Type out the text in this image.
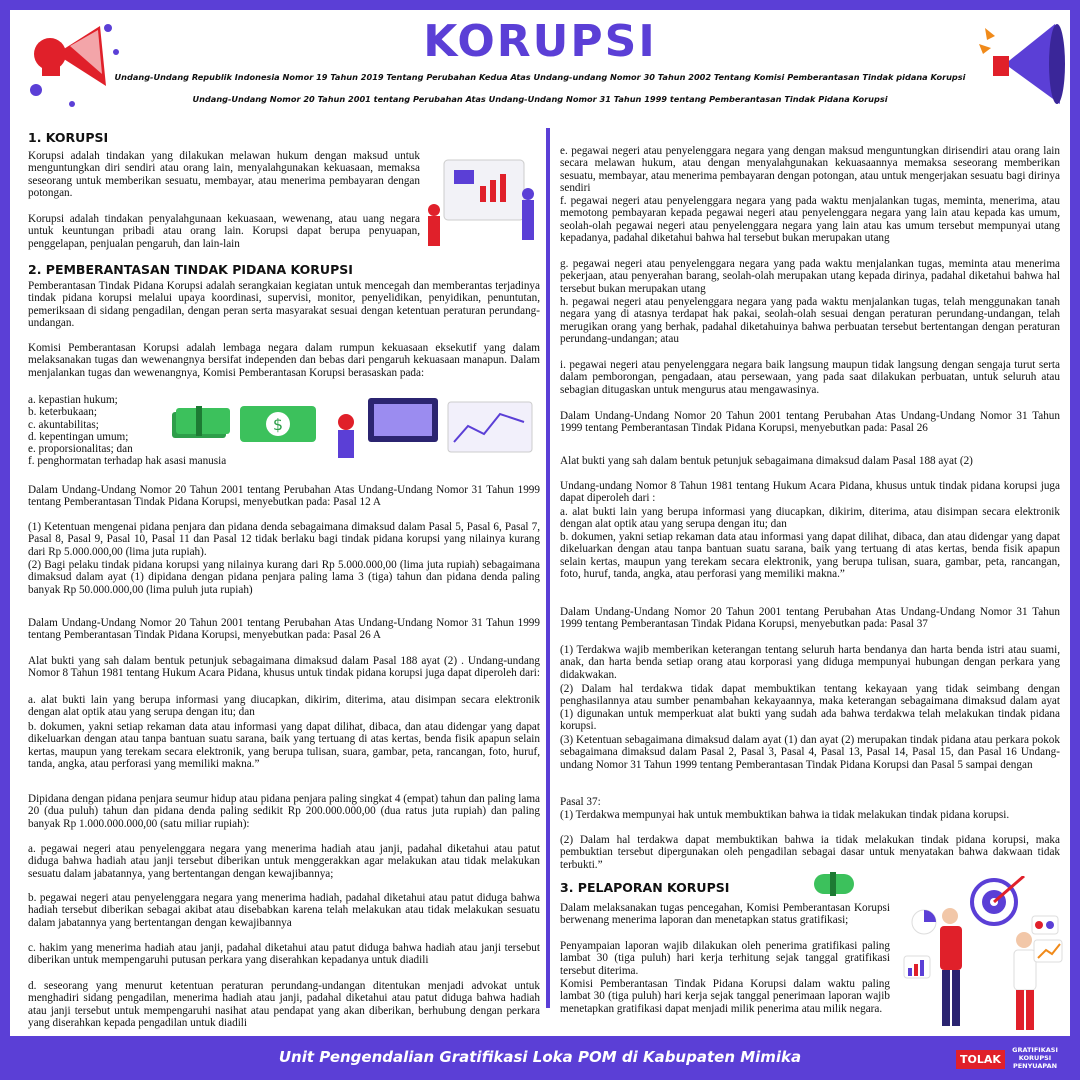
KORUPSI
Undang-Undang Republik Indonesia Nomor 19 Tahun 2019 Tentang Perubahan Kedua Atas Undang-undang Nomor 30 Tahun 2002 Tentang Komisi Pemberantasan Tindak pidana Korupsi
Undang-Undang Nomor 20 Tahun 2001 tentang Perubahan Atas Undang-Undang Nomor 31 Tahun 1999 tentang Pemberantasan Tindak Pidana Korupsi
1. KORUPSI
Korupsi adalah tindakan yang dilakukan melawan hukum dengan maksud untuk menguntungkan diri sendiri atau orang lain, menyalahgunakan kekuasaan, memaksa seseorang untuk memberikan sesuatu, membayar, atau menerima pembayaran dengan potongan.
Korupsi adalah tindakan penyalahgunaan kekuasaan, wewenang, atau uang negara untuk keuntungan pribadi atau orang lain. Korupsi dapat berupa penyuapan, penggelapan, penjualan pengaruh, dan lain-lain
2. PEMBERANTASAN TINDAK PIDANA KORUPSI
Pemberantasan Tindak Pidana Korupsi adalah serangkaian kegiatan untuk mencegah dan memberantas terjadinya tindak pidana korupsi melalui upaya koordinasi, supervisi, monitor, penyelidikan, penyidikan, penuntutan, pemeriksaan di sidang pengadilan, dengan peran serta masyarakat sesuai dengan ketentuan peraturan perundang-undangan.
Komisi Pemberantasan Korupsi adalah lembaga negara dalam rumpun kekuasaan eksekutif yang dalam melaksanakan tugas dan wewenangnya bersifat independen dan bebas dari pengaruh kekuasaan manapun. Dalam menjalankan tugas dan wewenangnya, Komisi Pemberantasan Korupsi berasaskan pada:
a. kepastian hukum;
b. keterbukaan;
c. akuntabilitas;
d. kepentingan umum;
e. proporsionalitas; dan
f. penghormatan terhadap hak asasi manusia
$
Dalam Undang-Undang Nomor 20 Tahun 2001 tentang Perubahan Atas Undang-Undang Nomor 31 Tahun 1999 tentang Pemberantasan Tindak Pidana Korupsi, menyebutkan pada: Pasal 12 A
(1) Ketentuan mengenai pidana penjara dan pidana denda sebagaimana dimaksud dalam Pasal 5, Pasal 6, Pasal 7, Pasal 8, Pasal 9, Pasal 10, Pasal 11 dan Pasal 12 tidak berlaku bagi tindak pidana korupsi yang nilainya kurang dari Rp 5.000.000,00 (lima juta rupiah).
(2) Bagi pelaku tindak pidana korupsi yang nilainya kurang dari Rp 5.000.000,00 (lima juta rupiah) sebagaimana dimaksud dalam ayat (1) dipidana dengan pidana penjara paling lama 3 (tiga) tahun dan pidana denda paling banyak Rp 50.000.000,00 (lima puluh juta rupiah)
Dalam Undang-Undang Nomor 20 Tahun 2001 tentang Perubahan Atas Undang-Undang Nomor 31 Tahun 1999 tentang Pemberantasan Tindak Pidana Korupsi, menyebutkan pada: Pasal 26 A
Alat bukti yang sah dalam bentuk petunjuk sebagaimana dimaksud dalam Pasal 188 ayat (2) . Undang-undang Nomor 8 Tahun 1981 tentang Hukum Acara Pidana, khusus untuk tindak pidana korupsi juga dapat diperoleh dari:
a. alat bukti lain yang berupa informasi yang diucapkan, dikirim, diterima, atau disimpan secara elektronik dengan alat optik atau yang serupa dengan itu; dan
b. dokumen, yakni setiap rekaman data atau informasi yang dapat dilihat, dibaca, dan atau didengar yang dapat dikeluarkan dengan atau tanpa bantuan suatu sarana, baik yang tertuang di atas kertas, benda fisik apapun selain kertas, maupun yang terekam secara elektronik, yang berupa tulisan, suara, gambar, peta, rancangan, foto, huruf, tanda, angka, atau perforasi yang memiliki makna.”
Dipidana dengan pidana penjara seumur hidup atau pidana penjara paling singkat 4 (empat) tahun dan paling lama 20 (dua puluh) tahun dan pidana denda paling sedikit Rp 200.000.000,00 (dua ratus juta rupiah) dan paling banyak Rp 1.000.000.000,00 (satu miliar rupiah):
a. pegawai negeri atau penyelenggara negara yang menerima hadiah atau janji, padahal diketahui atau patut diduga bahwa hadiah atau janji tersebut diberikan untuk menggerakkan agar melakukan atau tidak melakukan sesuatu dalam jabatannya, yang bertentangan dengan kewajibannya;
b. pegawai negeri atau penyelenggara negara yang menerima hadiah, padahal diketahui atau patut diduga bahwa hadiah tersebut diberikan sebagai akibat atau disebabkan karena telah melakukan atau tidak melakukan sesuatu dalam jabatannya yang bertentangan dengan kewajibannya
c. hakim yang menerima hadiah atau janji, padahal diketahui atau patut diduga bahwa hadiah atau janji tersebut diberikan untuk mempengaruhi putusan perkara yang diserahkan kepadanya untuk diadili
d. seseorang yang menurut ketentuan peraturan perundang-undangan ditentukan menjadi advokat untuk menghadiri sidang pengadilan, menerima hadiah atau janji, padahal diketahui atau patut diduga bahwa hadiah atau janji tersebut untuk mempengaruhi nasihat atau pendapat yang akan diberikan, berhubung dengan perkara yang diserahkan kepada pengadilan untuk diadili
e. pegawai negeri atau penyelenggara negara yang dengan maksud menguntungkan dirisendiri atau orang lain secara melawan hukum, atau dengan menyalahgunakan kekuasaannya memaksa seseorang memberikan sesuatu, membayar, atau menerima pembayaran dengan potongan, atau untuk mengerjakan sesuatu bagi dirinya sendiri
f. pegawai negeri atau penyelenggara negara yang pada waktu menjalankan tugas, meminta, menerima, atau memotong pembayaran kepada pegawai negeri atau penyelenggara negara yang lain atau kepada kas umum, seolah-olah pegawai negeri atau penyelenggara negara yang lain atau kas umum tersebut mempunyai utang kepadanya, padahal diketahui bahwa hal tersebut bukan merupakan utang
g. pegawai negeri atau penyelenggara negara yang pada waktu menjalankan tugas, meminta atau menerima pekerjaan, atau penyerahan barang, seolah-olah merupakan utang kepada dirinya, padahal diketahui bahwa hal tersebut bukan merupakan utang
h. pegawai negeri atau penyelenggara negara yang pada waktu menjalankan tugas, telah menggunakan tanah negara yang di atasnya terdapat hak pakai, seolah-olah sesuai dengan peraturan perundang-undangan, telah merugikan orang yang berhak, padahal diketahuinya bahwa perbuatan tersebut bertentangan dengan peraturan perundang-undangan; atau
i. pegawai negeri atau penyelenggara negara baik langsung maupun tidak langsung dengan sengaja turut serta dalam pemborongan, pengadaan, atau persewaan, yang pada saat dilakukan perbuatan, untuk seluruh atau sebagian ditugaskan untuk mengurus atau mengawasinya.
Dalam Undang-Undang Nomor 20 Tahun 2001 tentang Perubahan Atas Undang-Undang Nomor 31 Tahun 1999 tentang Pemberantasan Tindak Pidana Korupsi, menyebutkan pada: Pasal 26
Alat bukti yang sah dalam bentuk petunjuk sebagaimana dimaksud dalam Pasal 188 ayat (2)
Undang-undang Nomor 8 Tahun 1981 tentang Hukum Acara Pidana, khusus untuk tindak pidana korupsi juga dapat diperoleh dari :
a. alat bukti lain yang berupa informasi yang diucapkan, dikirim, diterima, atau disimpan secara elektronik dengan alat optik atau yang serupa dengan itu; dan
b. dokumen, yakni setiap rekaman data atau informasi yang dapat dilihat, dibaca, dan atau didengar yang dapat dikeluarkan dengan atau tanpa bantuan suatu sarana, baik yang tertuang di atas kertas, benda fisik apapun selain kertas, maupun yang terekam secara elektronik, yang berupa tulisan, suara, gambar, peta, rancangan, foto, huruf, tanda, angka, atau perforasi yang memiliki makna.”
Dalam Undang-Undang Nomor 20 Tahun 2001 tentang Perubahan Atas Undang-Undang Nomor 31 Tahun 1999 tentang Pemberantasan Tindak Pidana Korupsi, menyebutkan pada: Pasal 37
(1) Terdakwa wajib memberikan keterangan tentang seluruh harta bendanya dan harta benda istri atau suami, anak, dan harta benda setiap orang atau korporasi yang diduga mempunyai hubungan dengan perkara yang didakwakan.
(2) Dalam hal terdakwa tidak dapat membuktikan tentang kekayaan yang tidak seimbang dengan penghasilannya atau sumber penambahan kekayaannya, maka keterangan sebagaimana dimaksud dalam ayat (1) digunakan untuk memperkuat alat bukti yang sudah ada bahwa terdakwa telah melakukan tindak pidana korupsi.
(3) Ketentuan sebagaimana dimaksud dalam ayat (1) dan ayat (2) merupakan tindak pidana atau perkara pokok sebagaimana dimaksud dalam Pasal 2, Pasal 3, Pasal 4, Pasal 13, Pasal 14, Pasal 15, dan Pasal 16 Undang-undang Nomor 31 Tahun 1999 tentang Pemberantasan Tindak Pidana Korupsi dan Pasal 5 sampai dengan
Pasal 37:
(1) Terdakwa mempunyai hak untuk membuktikan bahwa ia tidak melakukan tindak pidana korupsi.
(2) Dalam hal terdakwa dapat membuktikan bahwa ia tidak melakukan tindak pidana korupsi, maka pembuktian tersebut dipergunakan oleh pengadilan sebagai dasar untuk menyatakan bahwa dakwaan tidak terbukti.”
3. PELAPORAN KORUPSI
Dalam melaksanakan tugas pencegahan, Komisi Pemberantasan Korupsi berwenang menerima laporan dan menetapkan status gratifikasi;
Penyampaian laporan wajib dilakukan oleh penerima gratifikasi paling lambat 30 (tiga puluh) hari kerja terhitung sejak tanggal gratifikasi tersebut diterima.
Komisi Pemberantasan Tindak Pidana Korupsi dalam waktu paling lambat 30 (tiga puluh) hari kerja sejak tanggal penerimaan laporan wajib menetapkan gratifikasi dapat menjadi milik penerima atau milik negara.
Unit Pengendalian Gratifikasi Loka POM di Kabupaten Mimika	TOLAK
GRATIFIKASI
KORUPSI
PENYUAPAN
